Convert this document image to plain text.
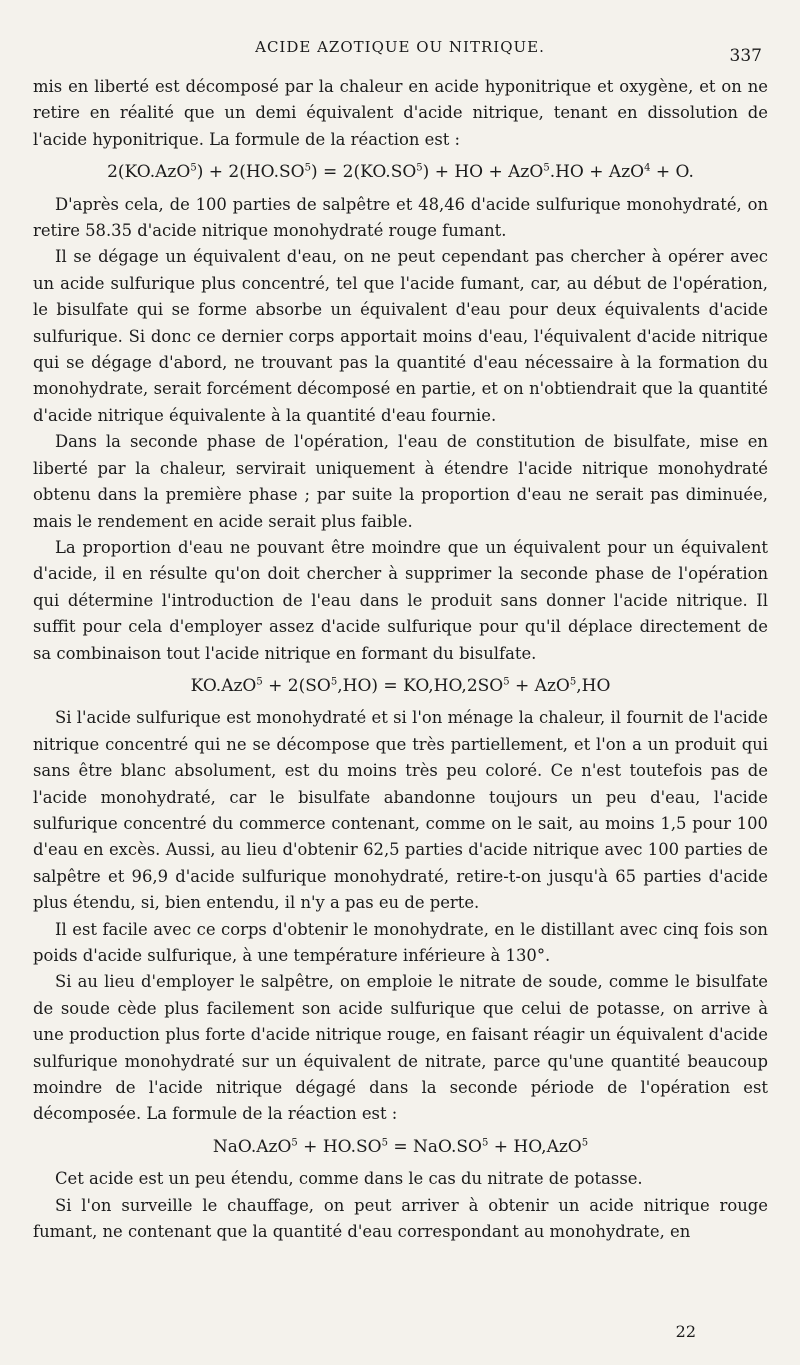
ACIDE AZOTIQUE OU NITRIQUE.	337

mis en liberté est décomposé par la chaleur en acide hyponitrique et oxygène, et on ne retire en réalité que un demi équivalent d'acide nitrique, tenant en dissolution de l'acide hyponitrique. La formule de la réaction est :

$2(KO.AzO^5) + 2(HO.SO^5) = 2(KO.SO^5)$ + HO + AzO$^5$.HO + AzO$^4$ + O.

D'après cela, de 100 parties de salpêtre et 48,46 d'acide sulfurique monohydraté, on retire 58.35 d'acide nitrique monohydraté rouge fumant.

Il se dégage un équivalent d'eau, on ne peut cependant pas chercher à opérer avec un acide sulfurique plus concentré, tel que l'acide fumant, car, au début de l'opération, le bisulfate qui se forme absorbe un équivalent d'eau pour deux équivalents d'acide sulfurique. Si donc ce dernier corps apportait moins d'eau, l'équivalent d'acide nitrique qui se dégage d'abord, ne trouvant pas la quantité d'eau nécessaire à la formation du monohydrate, serait forcément décomposé en partie, et on n'obtiendrait que la quantité d'acide nitrique équivalente à la quantité d'eau fournie.

Dans la seconde phase de l'opération, l'eau de constitution de bisulfate, mise en liberté par la chaleur, servirait uniquement à étendre l'acide nitrique monohydraté obtenu dans la première phase ; par suite la proportion d'eau ne serait pas diminuée, mais le rendement en acide serait plus faible.

La proportion d'eau ne pouvant être moindre que un équivalent pour un équivalent d'acide, il en résulte qu'on doit chercher à supprimer la seconde phase de l'opération qui détermine l'introduction de l'eau dans le produit sans donner l'acide nitrique. Il suffit pour cela d'employer assez d'acide sulfurique pour qu'il déplace directement de sa combinaison tout l'acide nitrique en formant du bisulfate.

$KO.AzO^5 + 2(SO^5,HO) = KO,HO,2SO^5 + AzO^5,HO$

Si l'acide sulfurique est monohydraté et si l'on ménage la chaleur, il fournit de l'acide nitrique concentré qui ne se décompose que très partiellement, et l'on a un produit qui sans être blanc absolument, est du moins très peu coloré. Ce n'est toutefois pas de l'acide monohydraté, car le bisulfate abandonne toujours un peu d'eau, l'acide sulfurique concentré du commerce contenant, comme on le sait, au moins 1,5 pour 100 d'eau en excès. Aussi, au lieu d'obtenir 62,5 parties d'acide nitrique avec 100 parties de salpêtre et 96,9 d'acide sulfurique monohydraté, retire-t-on jusqu'à 65 parties d'acide plus étendu, si, bien entendu, il n'y a pas eu de perte.

Il est facile avec ce corps d'obtenir le monohydrate, en le distillant avec cinq fois son poids d'acide sulfurique, à une température inférieure à 130°.

Si au lieu d'employer le salpêtre, on emploie le nitrate de soude, comme le bisulfate de soude cède plus facilement son acide sulfurique que celui de potasse, on arrive à une production plus forte d'acide nitrique rouge, en faisant réagir un équivalent d'acide sulfurique monohydraté sur un équivalent de nitrate, parce qu'une quantité beaucoup moindre de l'acide nitrique dégagé dans la seconde période de l'opération est décomposée. La formule de la réaction est :

$NaO.AzO^5 + HO.SO^5 = NaO.SO^5 + HO,AzO^5$

Cet acide est un peu étendu, comme dans le cas du nitrate de potasse.

Si l'on surveille le chauffage, on peut arriver à obtenir un acide nitrique rouge fumant, ne contenant que la quantité d'eau correspondant au monohydrate, en

22
